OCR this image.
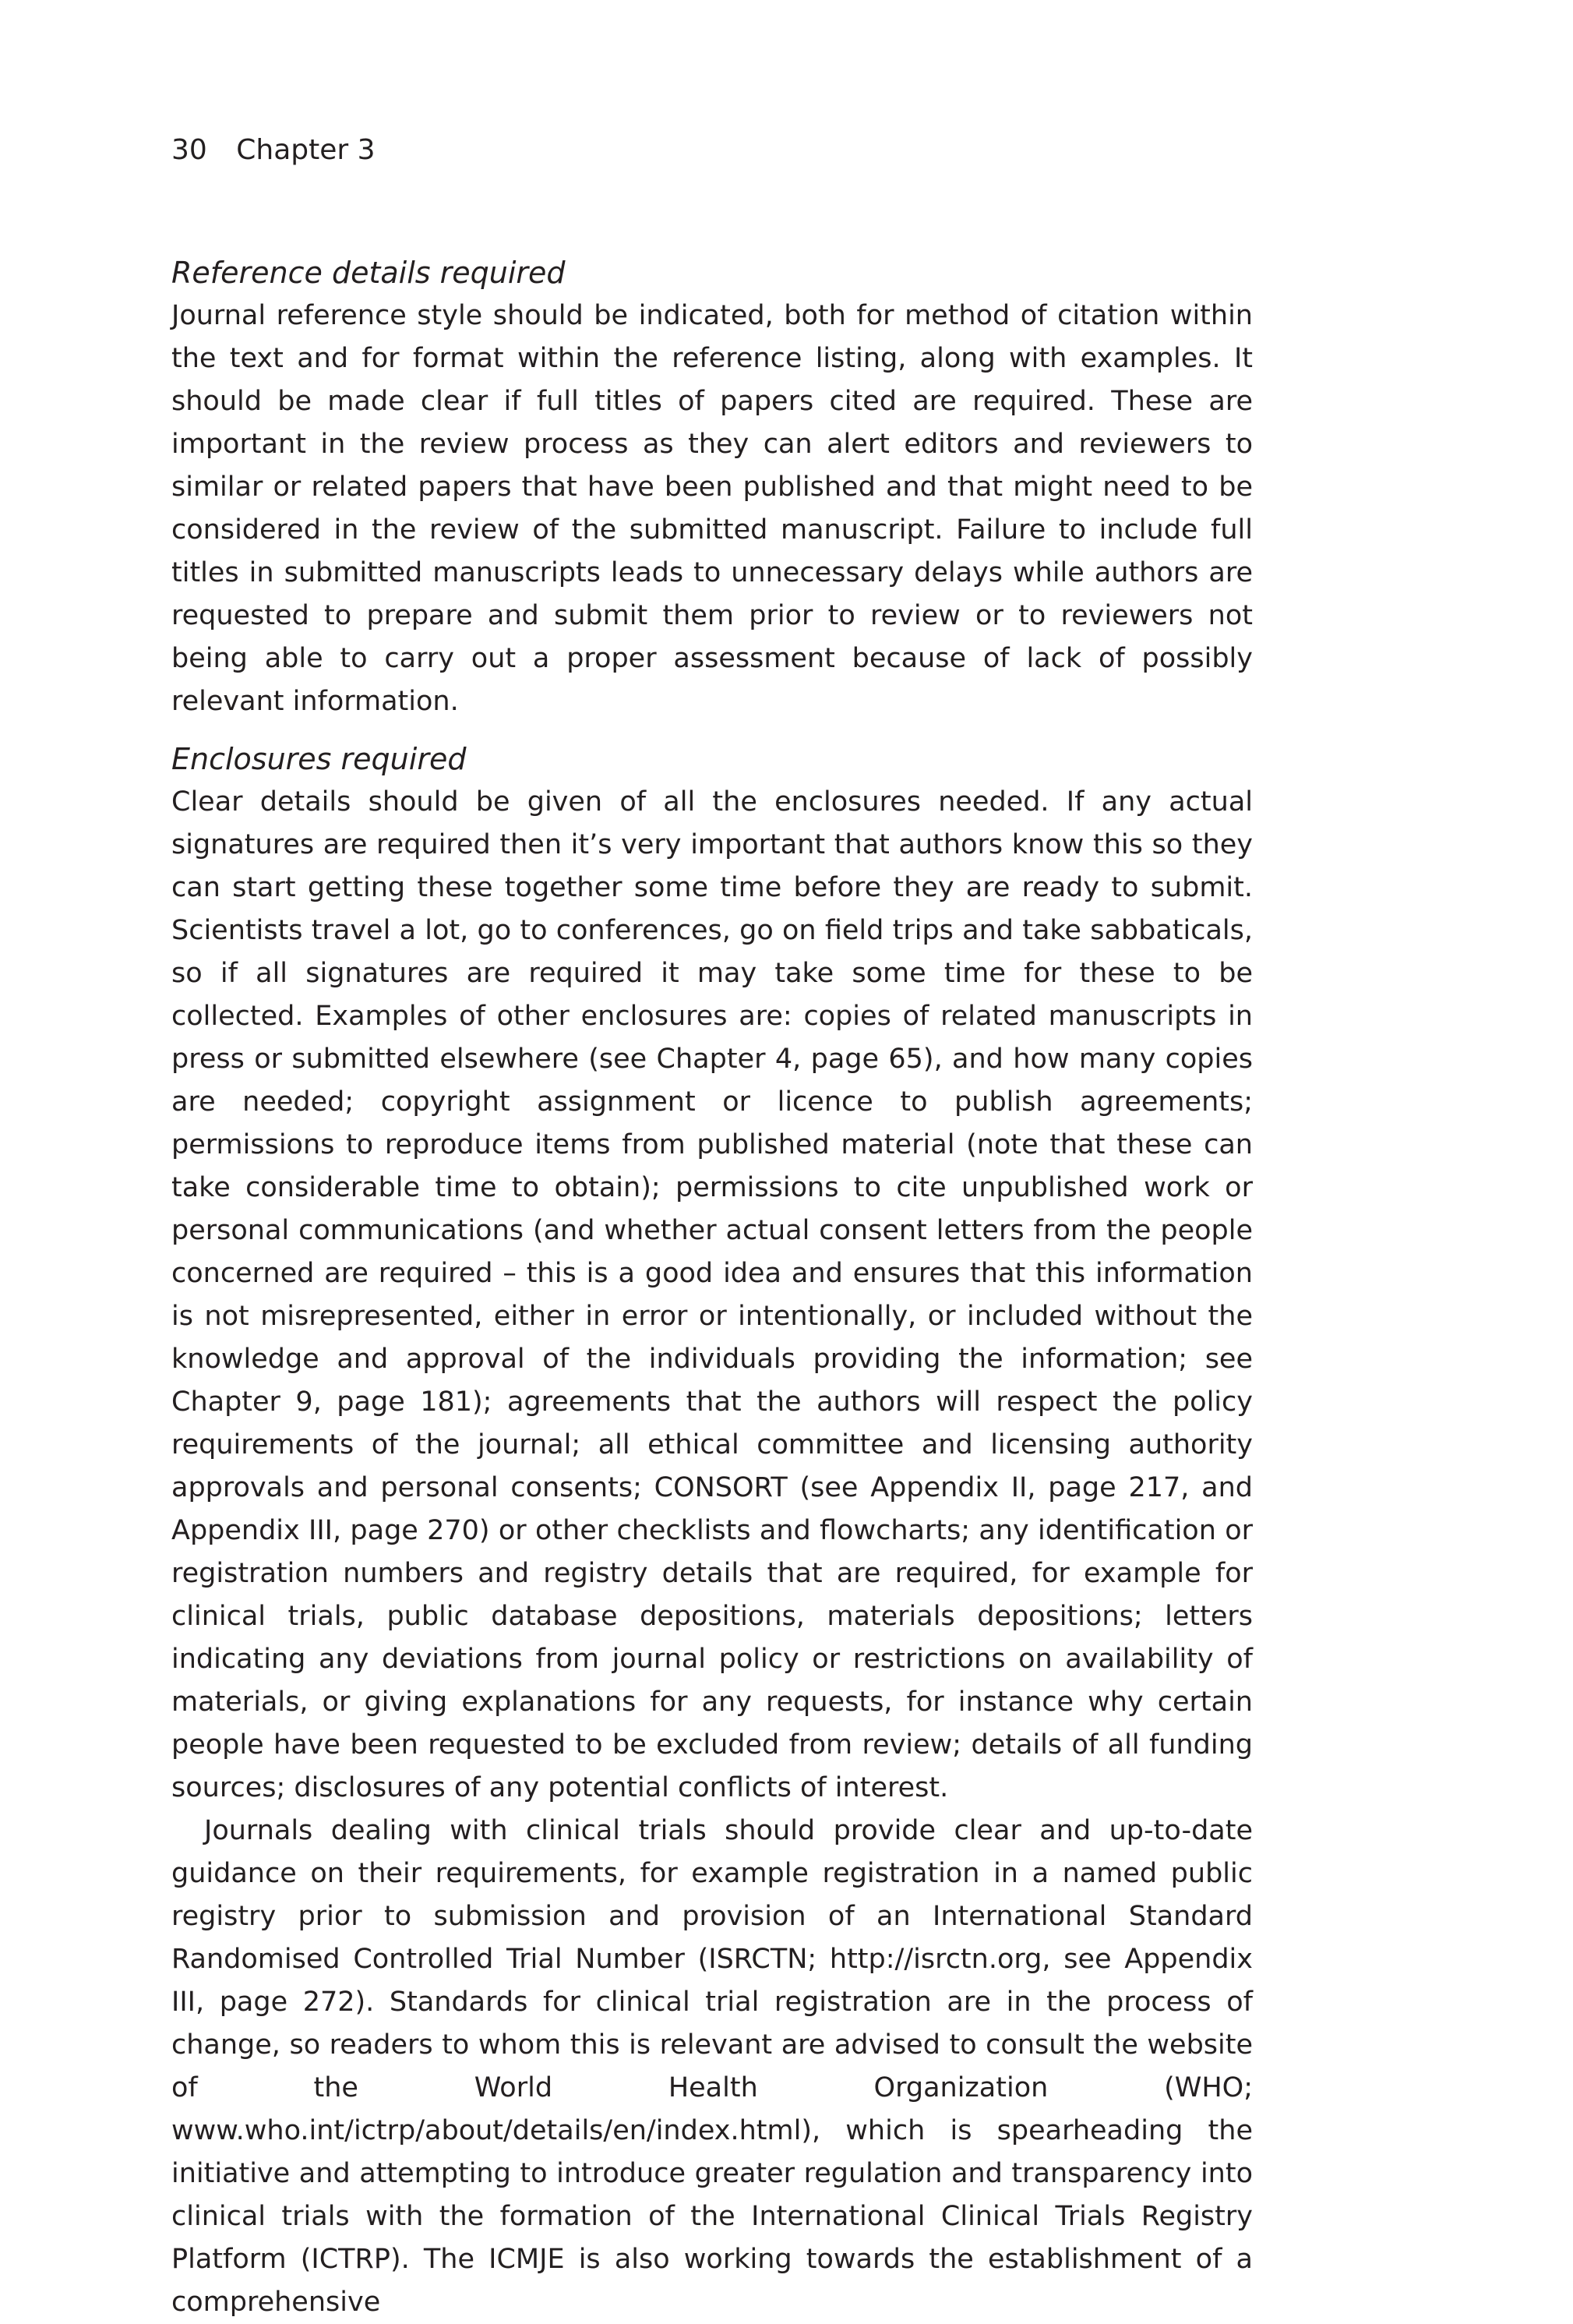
30 Chapter 3
Reference details required

Journal reference style should be indicated, both for method of citation within the text and for format within the reference listing, along with examples. It should be made clear if full titles of papers cited are required. These are important in the review process as they can alert editors and reviewers to similar or related papers that have been published and that might need to be considered in the review of the submitted manuscript. Failure to include full titles in submitted manuscripts leads to unnecessary delays while authors are requested to prepare and submit them prior to review or to reviewers not being able to carry out a proper assessment because of lack of possibly relevant information.

Enclosures required

Clear details should be given of all the enclosures needed. If any actual signatures are required then it’s very important that authors know this so they can start getting these together some time before they are ready to submit. Scientists travel a lot, go to conferences, go on field trips and take sabbaticals, so if all signatures are required it may take some time for these to be collected. Examples of other enclosures are: copies of related manuscripts in press or submitted elsewhere (see Chapter 4, page 65), and how many copies are needed; copyright assignment or licence to publish agreements; permissions to reproduce items from published material (note that these can take considerable time to obtain); permissions to cite unpublished work or personal communications (and whether actual consent letters from the people concerned are required – this is a good idea and ensures that this information is not misrepresented, either in error or intentionally, or included without the knowledge and approval of the individuals providing the information; see Chapter 9, page 181); agreements that the authors will respect the policy requirements of the journal; all ethical committee and licensing authority approvals and personal consents; CONSORT (see Appendix II, page 217, and Appendix III, page 270) or other checklists and flowcharts; any identification or registration numbers and registry details that are required, for example for clinical trials, public database depositions, materials depositions; letters indicating any deviations from journal policy or restrictions on availability of materials, or giving explanations for any requests, for instance why certain people have been requested to be excluded from review; details of all funding sources; disclosures of any potential conflicts of interest.

Journals dealing with clinical trials should provide clear and up-to-date guidance on their requirements, for example registration in a named public registry prior to submission and provision of an International Standard Randomised Controlled Trial Number (ISRCTN; http://isrctn.org, see Appendix III, page 272). Standards for clinical trial registration are in the process of change, so readers to whom this is relevant are advised to consult the website of the World Health Organization (WHO; www.who.int/ictrp/about/details/en/index.html), which is spearheading the initiative and attempting to introduce greater regulation and transparency into clinical trials with the formation of the International Clinical Trials Registry Platform (ICTRP). The ICMJE is also working towards the establishment of a comprehensive
